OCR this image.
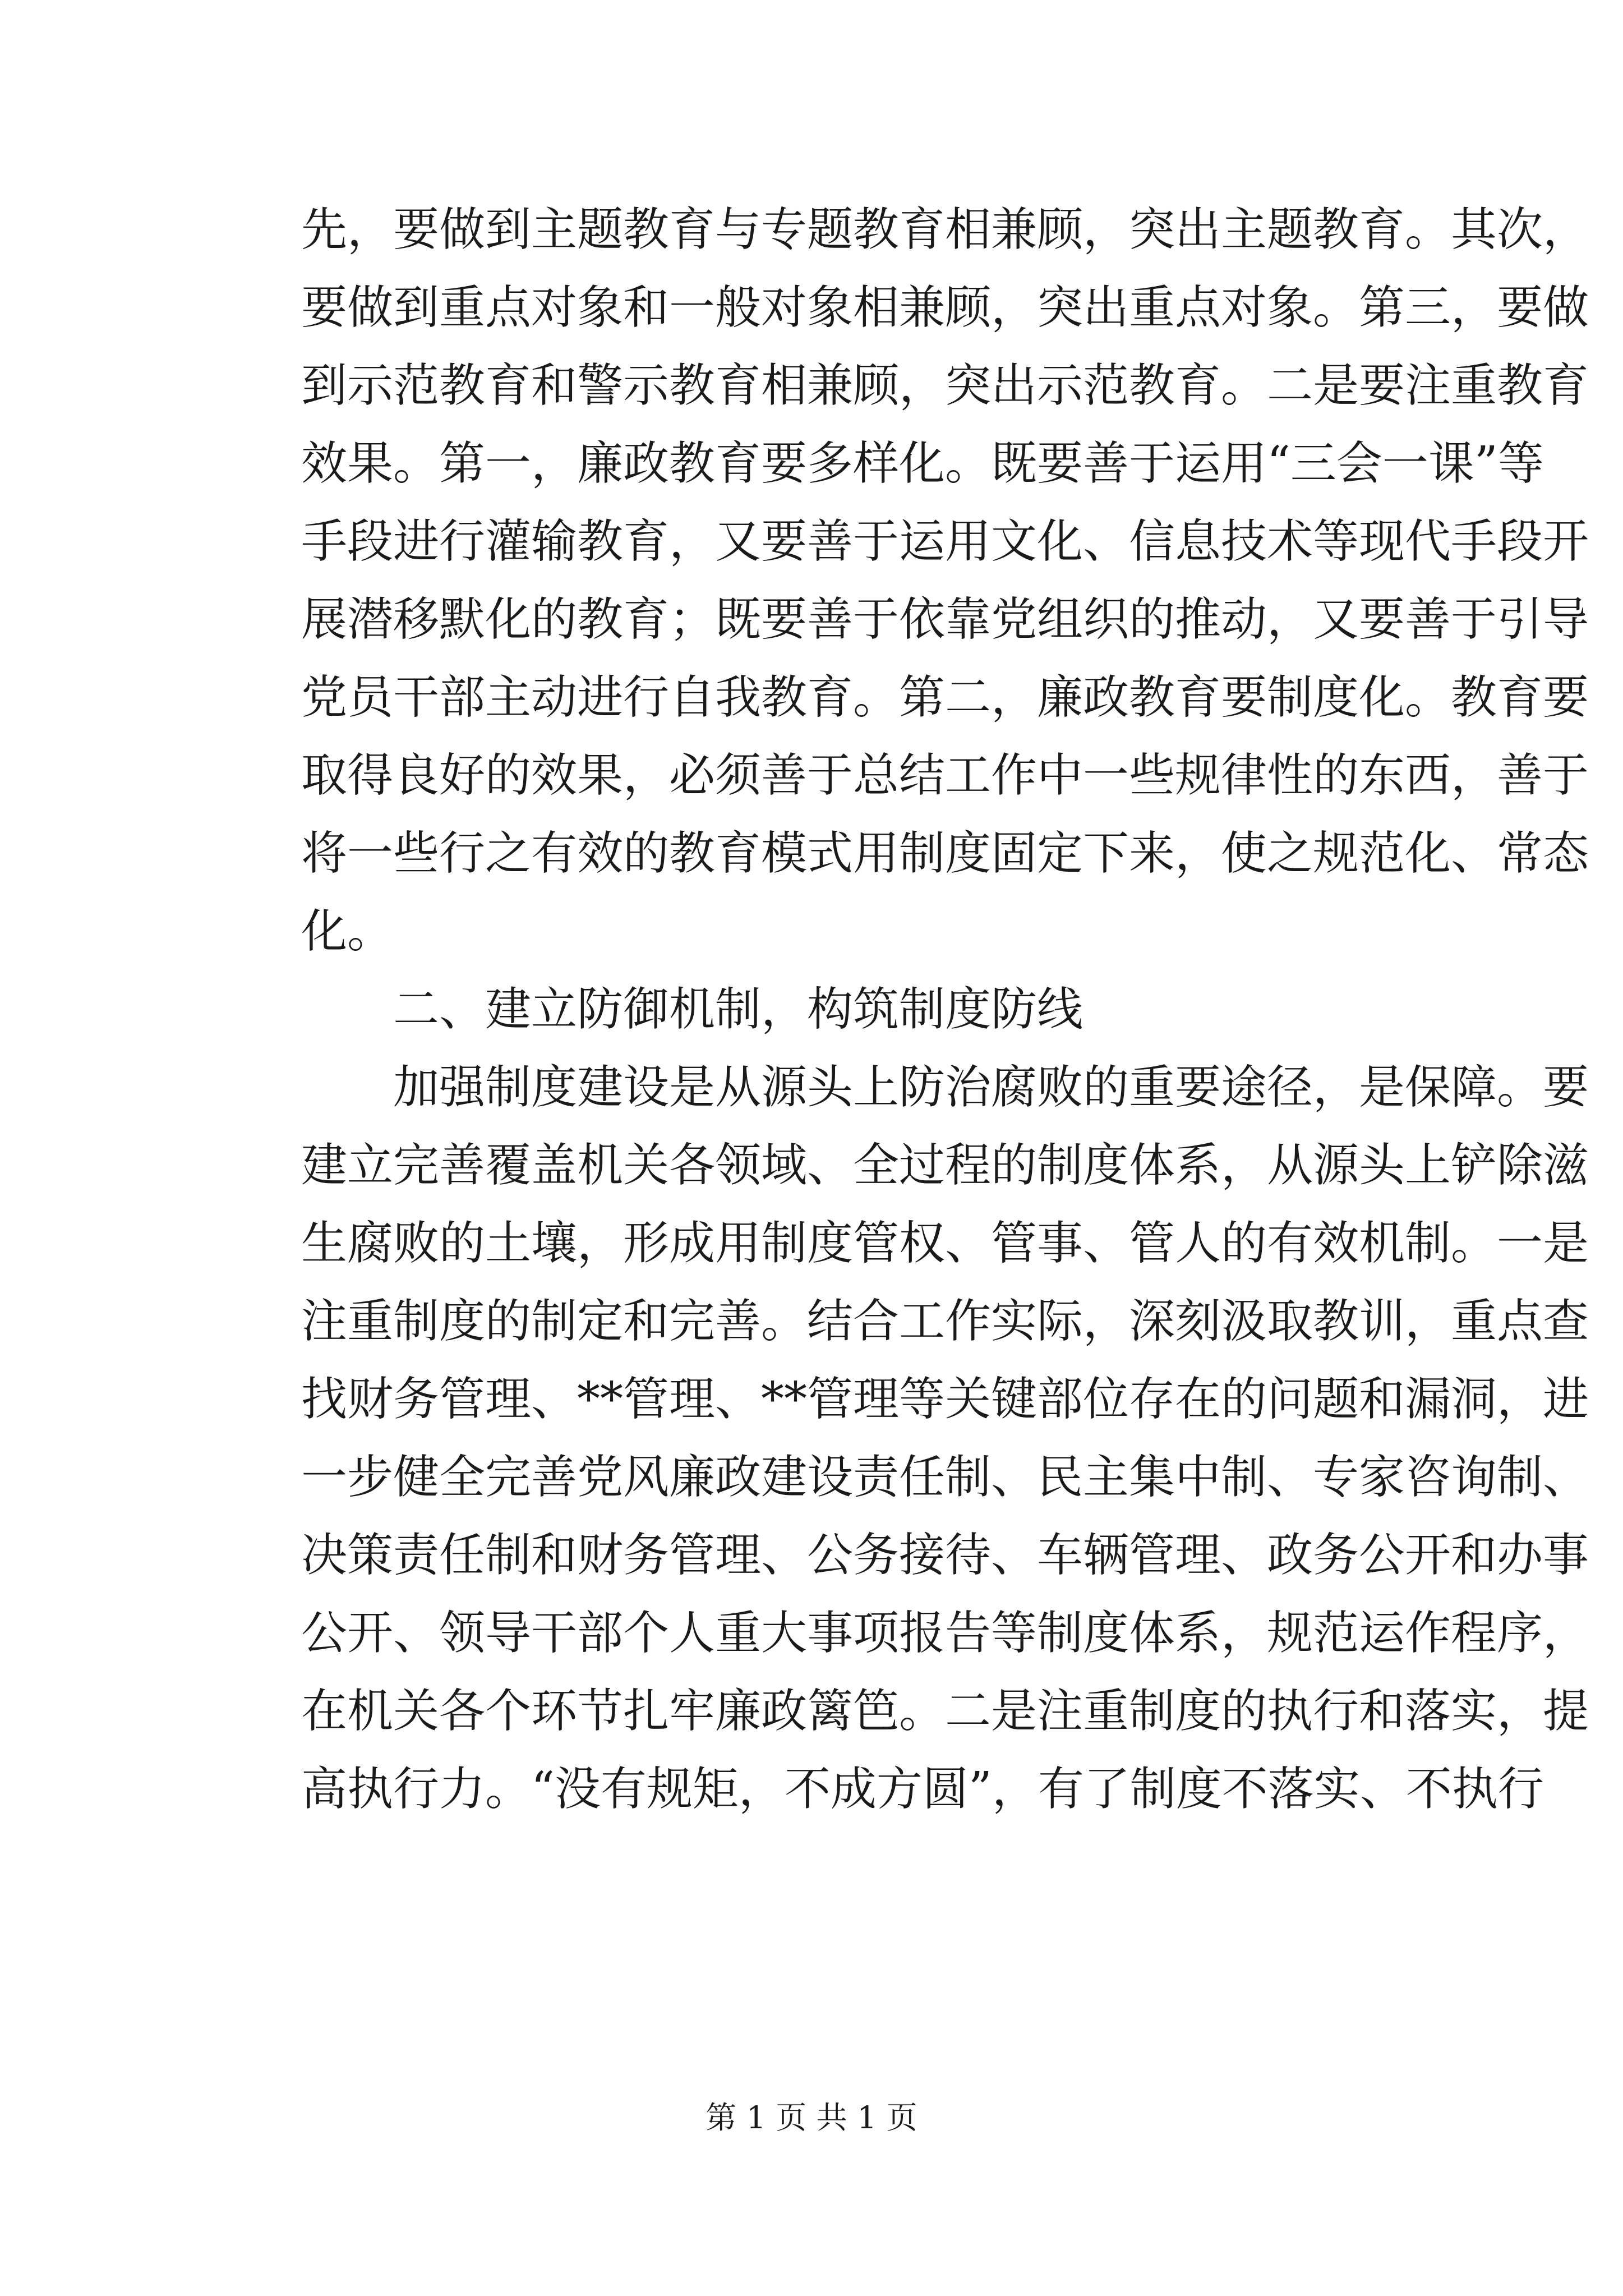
先，要做到主题教育与专题教育相兼顾，突出主题教育。其次，
要做到重点对象和一般对象相兼顾，突出重点对象。第三，要做
到示范教育和警示教育相兼顾，突出示范教育。二是要注重教育
效果。第一，廉政教育要多样化。既要善于运用“三会一课”等
手段进行灌输教育，又要善于运用文化、信息技术等现代手段开
展潜移默化的教育；既要善于依靠党组织的推动，又要善于引导
党员干部主动进行自我教育。第二，廉政教育要制度化。教育要
取得良好的效果，必须善于总结工作中一些规律性的东西，善于
将一些行之有效的教育模式用制度固定下来，使之规范化、常态
化。
二、建立防御机制，构筑制度防线
加强制度建设是从源头上防治腐败的重要途径，是保障。要
建立完善覆盖机关各领域、全过程的制度体系，从源头上铲除滋
生腐败的土壤，形成用制度管权、管事、管人的有效机制。一是
注重制度的制定和完善。结合工作实际，深刻汲取教训，重点查
找财务管理、**管理、**管理等关键部位存在的问题和漏洞，进
一步健全完善党风廉政建设责任制、民主集中制、专家咨询制、
决策责任制和财务管理、公务接待、车辆管理、政务公开和办事
公开、领导干部个人重大事项报告等制度体系，规范运作程序，
在机关各个环节扎牢廉政篱笆。二是注重制度的执行和落实，提
高执行力。“没有规矩，不成方圆”，有了制度不落实、不执行
第 1 页 共 1 页
